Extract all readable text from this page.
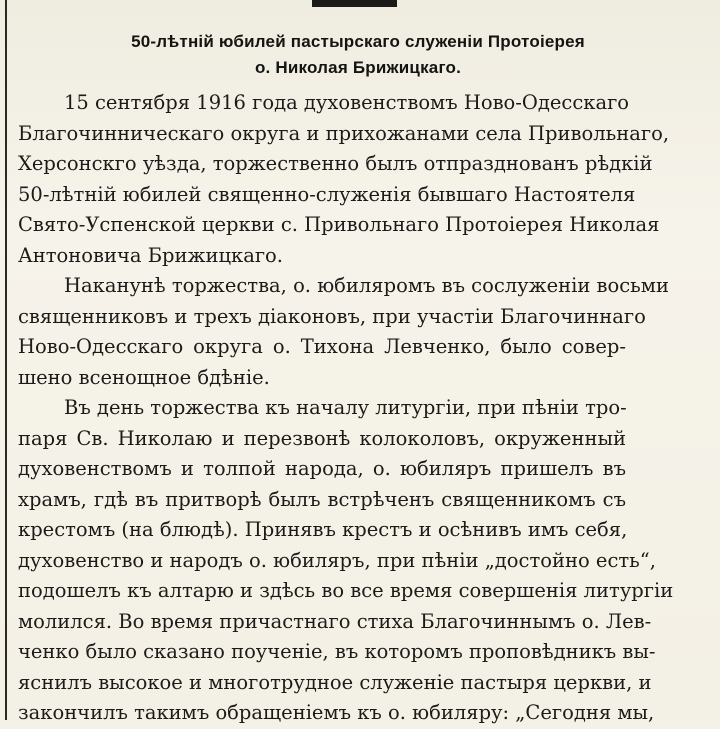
50-лѣтній юбилей пастырскаго служеніи Протоіерея
о. Николая Брижицкаго.
15 сентября 1916 года духовенствомъ Ново-Одесскаго
Благочинническаго округа и прихожанами села Привольнаго,
Херсонскго уѣзда, торжественно былъ отпразднованъ рѣдкій
50-лѣтній юбилей священно-служенія бывшаго Настоятеля
Свято-Успенской церкви с. Привольнаго Протоіерея Николая
Антоновича Брижицкаго.
Наканунѣ торжества, о. юбиляромъ въ сослуженіи восьми
священниковъ и трехъ діаконовъ, при участіи Благочиннаго
Ново-Одесскаго округа о. Тихона Левченко, было совер-
шено всенощное бдѣніе.
Въ день торжества къ началу литургіи, при пѣніи тро-
паря Св. Николаю и перезвонѣ колоколовъ, окруженный
духовенствомъ и толпой народа, о. юбиляръ пришелъ въ
храмъ, гдѣ въ притворѣ былъ встрѣченъ священникомъ съ
крестомъ (на блюдѣ). Принявъ крестъ и осѣнивъ имъ себя,
духовенство и народъ о. юбиляръ, при пѣніи „достойно есть“,
подошелъ къ алтарю и здѣсь во все время совершенія литургіи
молился. Во время причастнаго стиха Благочиннымъ о. Лев-
ченко было сказано поученіе, въ которомъ проповѣдникъ вы-
яснилъ высокое и многотрудное служеніе пастыря церкви, и
закончилъ такимъ обращеніемъ къ о. юбиляру: „Сегодня мы,
